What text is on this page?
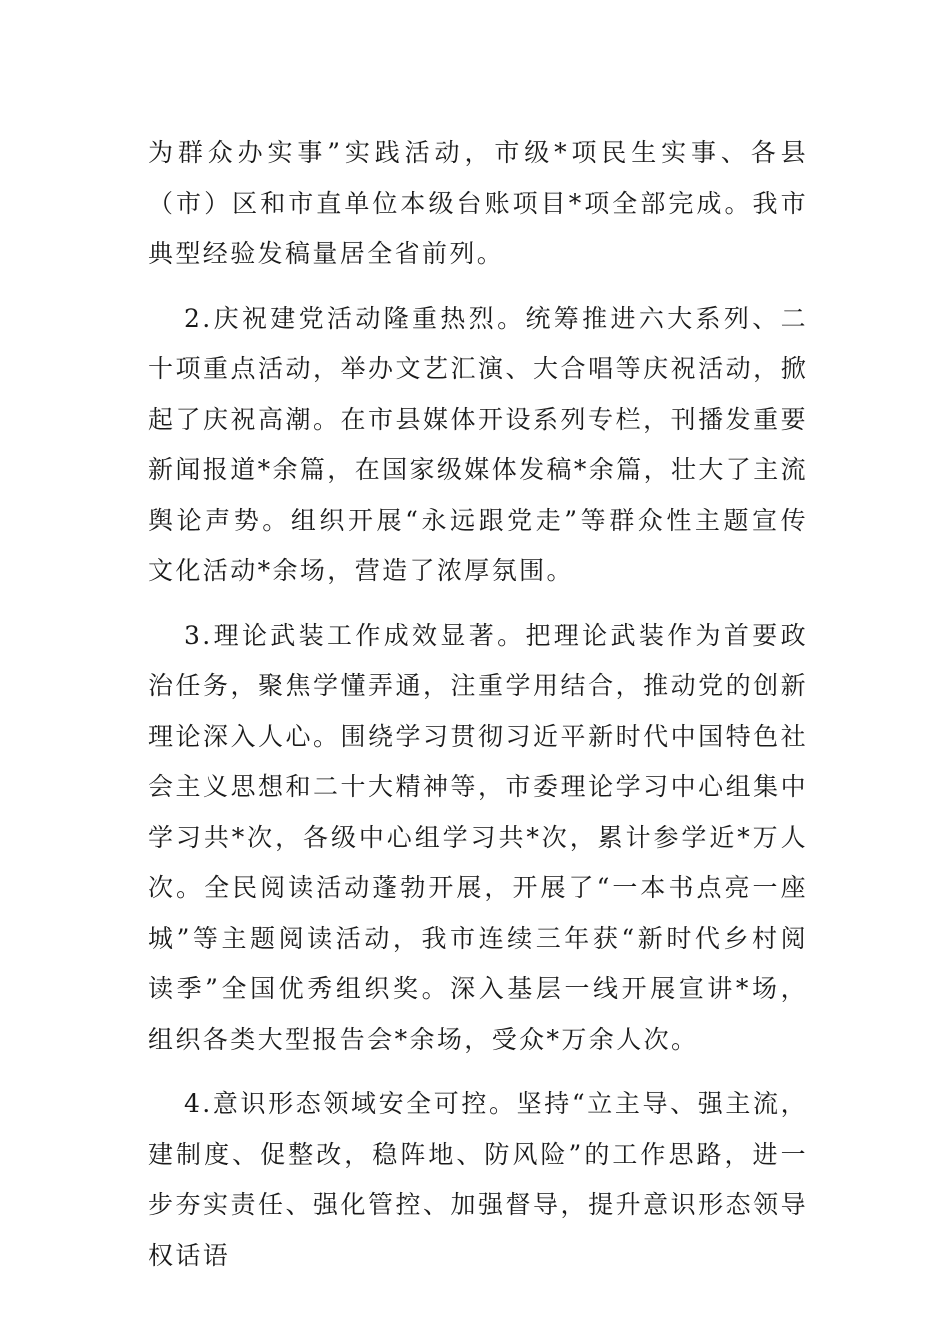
为群众办实事”实践活动，市级*项民生实事、各县（市）区和市直单位本级台账项目*项全部完成。我市典型经验发稿量居全省前列。

2.庆祝建党活动隆重热烈。统筹推进六大系列、二十项重点活动，举办文艺汇演、大合唱等庆祝活动，掀起了庆祝高潮。在市县媒体开设系列专栏，刊播发重要新闻报道*余篇，在国家级媒体发稿*余篇，壮大了主流舆论声势。组织开展“永远跟党走”等群众性主题宣传文化活动*余场，营造了浓厚氛围。

3.理论武装工作成效显著。把理论武装作为首要政治任务，聚焦学懂弄通，注重学用结合，推动党的创新理论深入人心。围绕学习贯彻习近平新时代中国特色社会主义思想和二十大精神等，市委理论学习中心组集中学习共*次，各级中心组学习共*次，累计参学近*万人次。全民阅读活动蓬勃开展，开展了“一本书点亮一座城”等主题阅读活动，我市连续三年获“新时代乡村阅读季”全国优秀组织奖。深入基层一线开展宣讲*场，组织各类大型报告会*余场，受众*万余人次。

4.意识形态领域安全可控。坚持“立主导、强主流，建制度、促整改，稳阵地、防风险”的工作思路，进一步夯实责任、强化管控、加强督导，提升意识形态领导权话语
